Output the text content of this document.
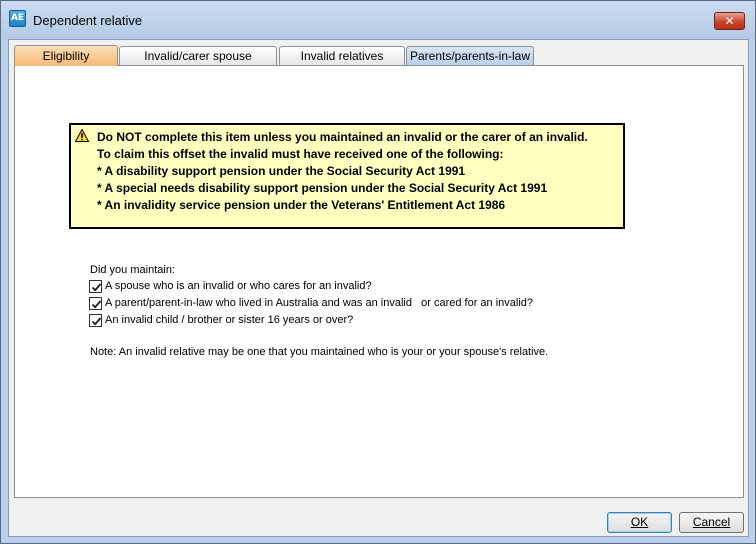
AE Dependent relative	✕
Eligibility	Invalid/carer spouse	Invalid relatives	Parents/parents-in-law
Do NOT complete this item unless you maintained an invalid or the carer of an invalid.
To claim this offset the invalid must have received one of the following:
* A disability support pension under the Social Security Act 1991
* A special needs disability support pension under the Social Security Act 1991
* An invalidity service pension under the Veterans' Entitlement Act 1986
Did you maintain:
A spouse who is an invalid or who cares for an invalid?
A parent/parent-in-law who lived in Australia and was an invalid   or cared for an invalid?
An invalid child / brother or sister 16 years or over?
Note: An invalid relative may be one that you maintained who is your or your spouse's relative.
OK	Cancel
